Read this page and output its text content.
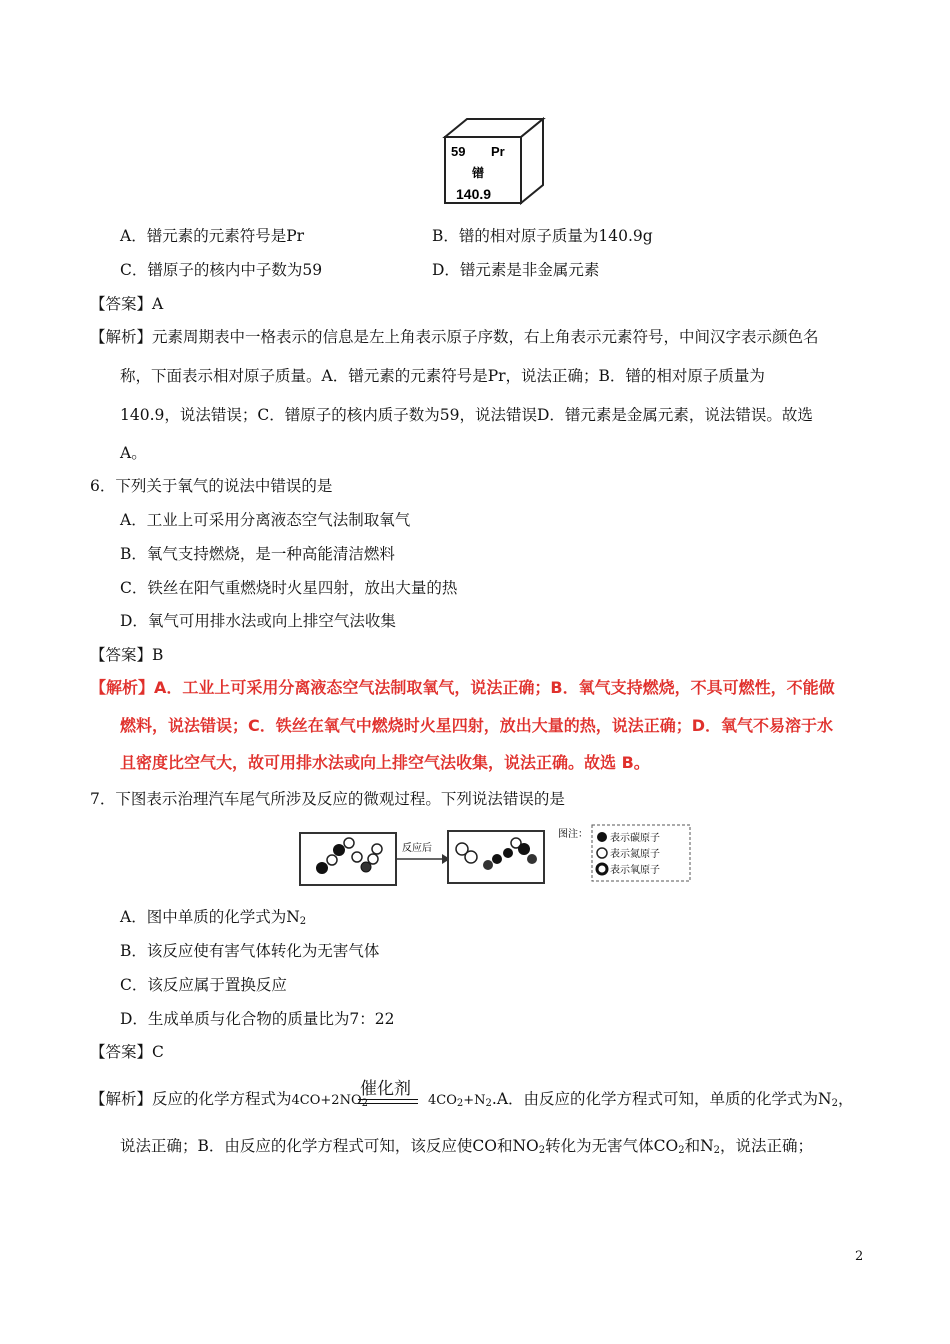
59 Pr
镨
140.9
A．镨元素的元素符号是Pr	B．镨的相对原子质量为140.9g
C．镨原子的核内中子数为59	D．镨元素是非金属元素
【答案】A
【解析】元素周期表中一格表示的信息是左上角表示原子序数，右上角表示元素符号，中间汉字表示颜色名
称，下面表示相对原子质量。A．镨元素的元素符号是Pr，说法正确；B．镨的相对原子质量为
140.9，说法错误；C．镨原子的核内质子数为59，说法错误D．镨元素是金属元素，说法错误。故选
A。
6．下列关于氧气的说法中错误的是
A．工业上可采用分离液态空气法制取氧气
B．氧气支持燃烧，是一种高能清洁燃料
C．铁丝在阳气重燃烧时火星四射，放出大量的热
D．氧气可用排水法或向上排空气法收集
【答案】B
【解析】A．工业上可采用分离液态空气法制取氧气，说法正确；B．氧气支持燃烧，不具可燃性，不能做
燃料，说法错误；C．铁丝在氧气中燃烧时火星四射，放出大量的热，说法正确；D．氧气不易溶于水
且密度比空气大，故可用排水法或向上排空气法收集，说法正确。故选 B。
7．下图表示治理汽车尾气所涉及反应的微观过程。下列说法错误的是
反应后
图注： 表示碳原子
表示氮原子
表示氧原子
A．图中单质的化学式为$N_2$
B．该反应使有害气体转化为无害气体
C．该反应属于置换反应
D．生成单质与化合物的质量比为7：22
【答案】C
催化剂
【解析】反应的化学方程式为$4CO+2NO_2$	$4CO_2+N_2.A$．由反应的化学方程式可知，单质的化学式为$N_2$，
说法正确；B．由反应的化学方程式可知，该反应使CO和$NO_2$转化为无害气体$CO_2$和$N_2$，说法正确；
2
